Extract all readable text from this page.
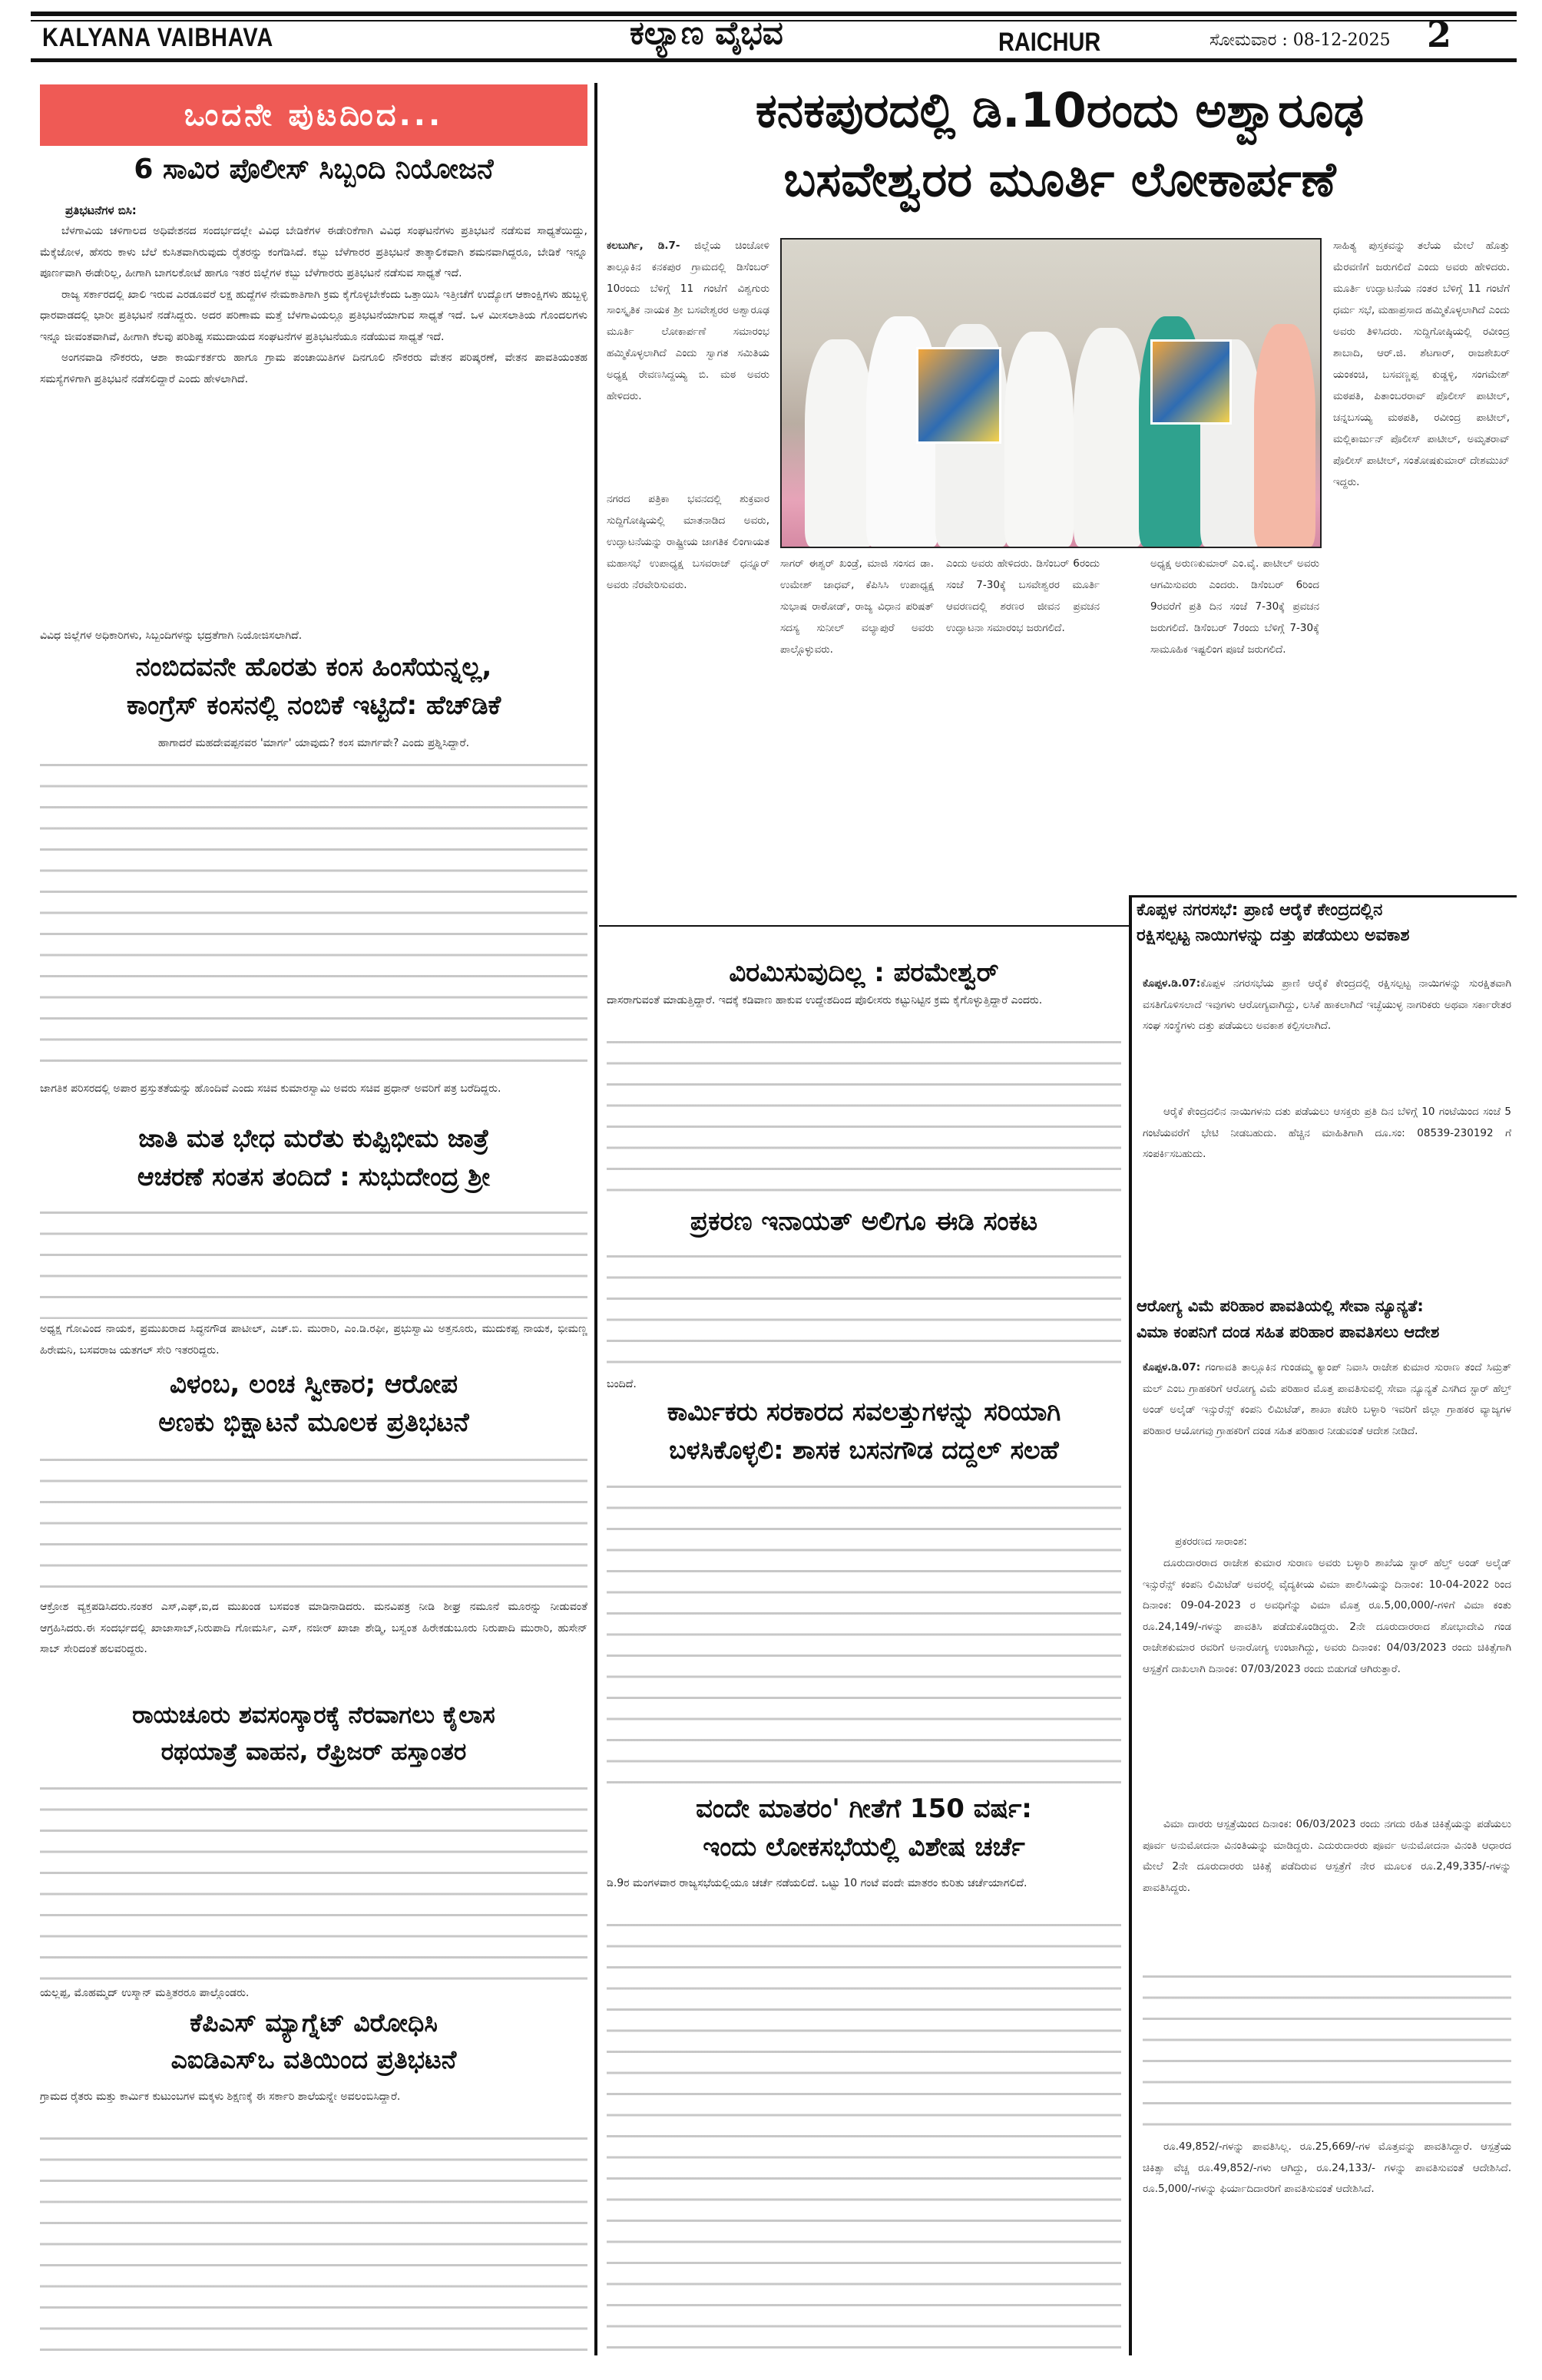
KALYANA VAIBHAVA	ಕಲ್ಯಾಣ ವೈಭವ	RAICHUR	ಸೋಮವಾರ : 08-12-2025 2
ಒಂದನೇ ಪುಟದಿಂದ...
6 ಸಾವಿರ ಪೊಲೀಸ್ ಸಿಬ್ಬಂದಿ ನಿಯೋಜನೆ
ಪ್ರತಿಭಟನೆಗಳ ಬಿಸಿ:

ಬೆಳಗಾವಿಯ ಚಳಿಗಾಲದ ಅಧಿವೇಶನದ ಸಂದರ್ಭದಲ್ಲೇ ವಿವಿಧ ಬೇಡಿಕೆಗಳ ಈಡೇರಿಕೆಗಾಗಿ ವಿವಿಧ ಸಂಘಟನೆಗಳು ಪ್ರತಿಭಟನೆ ನಡೆಸುವ ಸಾಧ್ಯತೆಯಿದ್ದು, ಮೆಕ್ಕೆಜೋಳ, ಹೆಸರು ಕಾಳು ಬೆಲೆ ಕುಸಿತವಾಗಿರುವುದು ರೈತರನ್ನು ಕಂಗೆಡಿಸಿದೆ. ಕಬ್ಬು ಬೆಳೆಗಾರರ ಪ್ರತಿಭಟನೆ ತಾತ್ಕಾಲಿಕವಾಗಿ ಶಮನವಾಗಿದ್ದರೂ, ಬೇಡಿಕೆ ಇನ್ನೂ ಪೂರ್ಣವಾಗಿ ಈಡೇರಿಲ್ಲ, ಹೀಗಾಗಿ ಬಾಗಲಕೋಟೆ ಹಾಗೂ ಇತರ ಜಿಲ್ಲೆಗಳ ಕಬ್ಬು ಬೆಳೆಗಾರರು ಪ್ರತಿಭಟನೆ ನಡೆಸುವ ಸಾಧ್ಯತೆ ಇದೆ.

ರಾಜ್ಯ ಸರ್ಕಾರದಲ್ಲಿ ಖಾಲಿ ಇರುವ ಎರಡೂವರೆ ಲಕ್ಷ ಹುದ್ದೆಗಳ ನೇಮಕಾತಿಗಾಗಿ ಕ್ರಮ ಕೈಗೊಳ್ಳಬೇಕೆಂದು ಒತ್ತಾಯಿಸಿ ಇತ್ತೀಚೆಗೆ ಉದ್ಯೋಗ ಆಕಾಂಕ್ಷಿಗಳು ಹುಬ್ಬಳ್ಳಿ ಧಾರವಾಡದಲ್ಲಿ ಭಾರೀ ಪ್ರತಿಭಟನೆ ನಡೆಸಿದ್ದರು. ಅದರ ಪರಿಣಾಮ ಮತ್ತೆ ಬೆಳಗಾವಿಯಲ್ಲೂ ಪ್ರತಿಭಟನೆಯಾಗುವ ಸಾಧ್ಯತೆ ಇದೆ. ಒಳ ಮೀಸಲಾತಿಯ ಗೊಂದಲಗಳು ಇನ್ನೂ ಜೀವಂತವಾಗಿವೆ, ಹೀಗಾಗಿ ಕೆಲವು ಪರಿಶಿಷ್ಟ ಸಮುದಾಯದ ಸಂಘಟನೆಗಳ ಪ್ರತಿಭಟನೆಯೂ ನಡೆಯುವ ಸಾಧ್ಯತೆ ಇದೆ.

ಅಂಗನವಾಡಿ ನೌಕರರು, ಆಶಾ ಕಾರ್ಯಕರ್ತರು ಹಾಗೂ ಗ್ರಾಮ ಪಂಚಾಯಿತಿಗಳ ದಿನಗೂಲಿ ನೌಕರರು ವೇತನ ಪರಿಷ್ಕರಣೆ, ವೇತನ ಪಾವತಿಯಂತಹ ಸಮಸ್ಯೆಗಳಿಗಾಗಿ ಪ್ರತಿಭಟನೆ ನಡೆಸಲಿದ್ದಾರೆ ಎಂದು ಹೇಳಲಾಗಿದೆ.

ವಿವಿಧ ಜಿಲ್ಲೆಗಳ ಅಧಿಕಾರಿಗಳು, ಸಿಬ್ಬಂದಿಗಳನ್ನು ಭದ್ರತೆಗಾಗಿ ನಿಯೋಜಿಸಲಾಗಿದೆ.
ನಂಬಿದವನೇ ಹೊರತು ಕಂಸ ಹಿಂಸೆಯನ್ನಲ್ಲ,
ಕಾಂಗ್ರೆಸ್ ಕಂಸನಲ್ಲಿ ನಂಬಿಕೆ ಇಟ್ಟಿದೆ: ಹೆಚ್‌ಡಿಕೆ
ಹಾಗಾದರೆ ಮಹದೇವಪ್ಪನವರ 'ಮಾರ್ಗ' ಯಾವುದು? ಕಂಸ ಮಾರ್ಗವೇ? ಎಂದು ಪ್ರಶ್ನಿಸಿದ್ದಾರೆ.
ಜಾಗತಿಕ ಪರಿಸರದಲ್ಲಿ ಅಪಾರ ಪ್ರಸ್ತುತತೆಯನ್ನು ಹೊಂದಿವೆ ಎಂದು ಸಚಿವ ಕುಮಾರಸ್ವಾಮಿ ಅವರು ಸಚಿವ ಪ್ರಧಾನ್ ಅವರಿಗೆ ಪತ್ರ ಬರೆದಿದ್ದರು.
ಜಾತಿ ಮತ ಭೇಧ ಮರೆತು ಕುಪ್ಪಿಭೀಮ ಜಾತ್ರೆ
ಆಚರಣೆ ಸಂತಸ ತಂದಿದೆ : ಸುಭುದೇಂದ್ರ ಶ್ರೀ
ಅಧ್ಯಕ್ಷ ಗೋವಿಂದ ನಾಯಕ, ಪ್ರಮುಖರಾದ ಸಿದ್ಧನಗೌಡ ಪಾಟೀಲ್, ಎಚ್.ಬಿ. ಮುರಾರಿ, ಎಂ.ಡಿ.ರಫೀ, ಪ್ರಭುಸ್ವಾಮಿ ಅತ್ತನೂರು, ಮುದುಕಪ್ಪ ನಾಯಕ, ಭೀಮಣ್ಣ ಹಿರೇಮನಿ, ಬಸವರಾಜ ಯತಗಲ್ ಸೇರಿ ಇತರರಿದ್ದರು.
ವಿಳಂಬ, ಲಂಚ ಸ್ವೀಕಾರ; ಆರೋಪ
ಅಣಕು ಭಿಕ್ಷಾಟನೆ ಮೂಲಕ ಪ್ರತಿಭಟನೆ
ಆಕ್ರೋಶ ವ್ಯಕ್ತಪಡಿಸಿದರು.ನಂತರ ಎಸ್,ಎಫ್,ಐ,ದ ಮುಖಂಡ ಬಸವಂತ ಮಾಡಿನಾಡಿದರು. ಮನವಿಪತ್ರ ನೀಡಿ ಶೀಘ್ರ ನಮೂನೆ ಮೂರನ್ನು ನೀಡುವಂತೆ ಆಗ್ರಹಿಸಿದರು.ಈ ಸಂದರ್ಭದಲ್ಲಿ ಖಾಜಾಸಾಬ್,ನಿರುಪಾದಿ ಗೋಮರ್ಸಿ, ಎಸ್, ನಜೀರ್ ಖಾಜಾ ಶೇಡ್ಮಿ, ಬಸ್ವಂತ ಹಿರೇಕಡುಬೂರು ನಿರುಪಾದಿ ಮುರಾರಿ, ಹುಸೇನ್ ಸಾಬ್ ಸೇರಿದಂತೆ ಹಲವರಿದ್ದರು.
ರಾಯಚೂರು ಶವಸಂಸ್ಕಾರಕ್ಕೆ ನೆರವಾಗಲು ಕೈಲಾಸ
ರಥಯಾತ್ರೆ ವಾಹನ, ರೆಫ್ರಿಜರ್ ಹಸ್ತಾಂತರ
ಯಲ್ಲಪ್ಪ, ಮೊಹಮ್ಮದ್ ಉಸ್ಮಾನ್ ಮತ್ತಿತರರೂ ಪಾಲ್ಗೊಂಡರು.
ಕೆಪಿಎಸ್ ಮ್ಯಾಗ್ನೆಟ್ ವಿರೋಧಿಸಿ
ಎಐಡಿಎಸ್‌ಒ ವತಿಯಿಂದ ಪ್ರತಿಭಟನೆ
ಗ್ರಾಮದ ರೈತರು ಮತ್ತು ಕಾರ್ಮಿಕ ಕುಟುಂಬಗಳ ಮಕ್ಕಳು ಶಿಕ್ಷಣಕ್ಕೆ ಈ ಸರ್ಕಾರಿ ಶಾಲೆಯನ್ನೇ ಅವಲಂಬಿಸಿದ್ದಾರೆ.
ಕನಕಪುರದಲ್ಲಿ ಡಿ.10ರಂದು ಅಶ್ವಾರೂಢ
ಬಸವೇಶ್ವರರ ಮೂರ್ತಿ ಲೋಕಾರ್ಪಣೆ
ಕಲಬುರ್ಗಿ, ಡಿ.7- ಜಿಲ್ಲೆಯ ಚಿಂಚೋಳಿ ತಾಲ್ಲೂಕಿನ ಕನಕಪುರ ಗ್ರಾಮದಲ್ಲಿ ಡಿಸೆಂಬರ್ 10ರಂದು ಬೆಳಿಗ್ಗೆ 11 ಗಂಟೆಗೆ ವಿಶ್ವಗುರು ಸಾಂಸ್ಕೃತಿಕ ನಾಯಕ ಶ್ರೀ ಬಸವೇಶ್ವರರ ಅಶ್ವಾರೂಢ ಮೂರ್ತಿ ಲೋಕಾರ್ಪಣೆ ಸಮಾರಂಭ ಹಮ್ಮಿಕೊಳ್ಳಲಾಗಿದೆ ಎಂದು ಸ್ವಾಗತ ಸಮಿತಿಯ ಅಧ್ಯಕ್ಷ ರೇವಣಸಿದ್ದಯ್ಯ ಬಿ. ಮಠ ಅವರು ಹೇಳಿದರು.
ನಗರದ ಪತ್ರಿಕಾ ಭವನದಲ್ಲಿ ಶುಕ್ರವಾರ ಸುದ್ದಿಗೋಷ್ಠಿಯಲ್ಲಿ ಮಾತನಾಡಿದ ಅವರು, ಉದ್ಘಾಟನೆಯನ್ನು ರಾಷ್ಟ್ರೀಯ ಜಾಗತಿಕ ಲಿಂಗಾಯತ ಮಹಾಸಭೆ ಉಪಾಧ್ಯಕ್ಷ ಬಸವರಾಜ್ ಧನ್ನೂರ್ ಅವರು ನೆರವೇರಿಸುವರು.
ಸಾಗರ್ ಈಶ್ವರ್ ಖಂಡ್ರೆ, ಮಾಜಿ ಸಂಸದ ಡಾ. ಉಮೇಶ್ ಜಾಧವ್, ಕೆಪಿಸಿಸಿ ಉಪಾಧ್ಯಕ್ಷ ಸುಭಾಷ ರಾಠೋಡ್, ರಾಜ್ಯ ವಿಧಾನ ಪರಿಷತ್ ಸದಸ್ಯ ಸುನೀಲ್ ವಲ್ಯಾಪುರೆ ಅವರು ಪಾಲ್ಗೊಳ್ಳುವರು.
ಎಂದು ಅವರು ಹೇಳಿದರು. ಡಿಸೆಂಬರ್ 6ರಂದು ಸಂಜೆ 7-30ಕ್ಕೆ ಬಸವೇಶ್ವರರ ಮೂರ್ತಿ ಆವರಣದಲ್ಲಿ ಶರಣರ ಜೀವನ ಪ್ರವಚನ ಉದ್ಘಾಟನಾ ಸಮಾರಂಭ ಜರುಗಲಿದೆ.
ಅಧ್ಯಕ್ಷ ಅರುಣಕುಮಾರ್ ಎಂ.ವೈ. ಪಾಟೀಲ್ ಅವರು ಆಗಮಿಸುವರು ಎಂದರು. ಡಿಸೆಂಬರ್ 6ರಿಂದ 9ರವರೆಗೆ ಪ್ರತಿ ದಿನ ಸಂಜೆ 7-30ಕ್ಕೆ ಪ್ರವಚನ ಜರುಗಲಿದೆ. ಡಿಸೆಂಬರ್ 7ರಂದು ಬೆಳಿಗ್ಗೆ 7-30ಕ್ಕೆ ಸಾಮೂಹಿಕ ಇಷ್ಟಲಿಂಗ ಪೂಜೆ ಜರುಗಲಿದೆ.
ಸಾಹಿತ್ಯ ಪುಸ್ತಕವನ್ನು ತಲೆಯ ಮೇಲೆ ಹೊತ್ತು ಮೆರವಣಿಗೆ ಜರುಗಲಿದೆ ಎಂದು ಅವರು ಹೇಳಿದರು. ಮೂರ್ತಿ ಉದ್ಘಾಟನೆಯ ನಂತರ ಬೆಳಿಗ್ಗೆ 11 ಗಂಟೆಗೆ ಧರ್ಮ ಸಭೆ, ಮಹಾಪ್ರಸಾದ ಹಮ್ಮಿಕೊಳ್ಳಲಾಗಿದೆ ಎಂದು ಅವರು ತಿಳಿಸಿದರು. ಸುದ್ದಿಗೋಷ್ಠಿಯಲ್ಲಿ ರವೀಂದ್ರ ಶಾಬಾದಿ, ಆರ್.ಜಿ. ಶೆಟಗಾರ್, ರಾಜಶೇಖರ್ ಯಂಕಂಚಿ, ಬಸವಣ್ಣಪ್ಪ ಕುಡ್ಡಳ್ಳಿ, ಸಂಗಮೇಶ್ ಮಠಪತಿ, ಪಿತಾಂಬರರಾವ್ ಪೊಲೀಸ್ ಪಾಟೀಲ್, ಚನ್ನಬಸಯ್ಯ ಮಠಪತಿ, ರವೀಂದ್ರ ಪಾಟೀಲ್, ಮಲ್ಲಿಕಾರ್ಜುನ್ ಪೊಲೀಸ್ ಪಾಟೀಲ್, ಅಮೃತರಾವ್ ಪೊಲೀಸ್ ಪಾಟೀಲ್, ಸಂತೋಷಕುಮಾರ್ ದೇಶಮುಖ್ ಇದ್ದರು.
ವಿರಮಿಸುವುದಿಲ್ಲ : ಪರಮೇಶ್ವರ್
ದಾಸರಾಗುವಂತೆ ಮಾಡುತ್ತಿದ್ದಾರೆ. ಇದಕ್ಕೆ ಕಡಿವಾಣ ಹಾಕುವ ಉದ್ದೇಶದಿಂದ ಪೊಲೀಸರು ಕಟ್ಟುನಿಟ್ಟಿನ ಕ್ರಮ ಕೈಗೊಳ್ಳುತ್ತಿದ್ದಾರೆ ಎಂದರು.
ಪ್ರಕರಣ ಇನಾಯತ್ ಅಲಿಗೂ ಈಡಿ ಸಂಕಟ
ಬಂದಿದೆ.
ಕಾರ್ಮಿಕರು ಸರಕಾರದ ಸವಲತ್ತುಗಳನ್ನು ಸರಿಯಾಗಿ
ಬಳಸಿಕೊಳ್ಳಲಿ: ಶಾಸಕ ಬಸನಗೌಡ ದದ್ದಲ್ ಸಲಹೆ
ವಂದೇ ಮಾತರಂ' ಗೀತೆಗೆ 150 ವರ್ಷ:
ಇಂದು ಲೋಕಸಭೆಯಲ್ಲಿ ವಿಶೇಷ ಚರ್ಚೆ
ಡಿ.9ರ ಮಂಗಳವಾರ ರಾಜ್ಯಸಭೆಯಲ್ಲಿಯೂ ಚರ್ಚೆ ನಡೆಯಲಿದೆ. ಒಟ್ಟು 10 ಗಂಟೆ ವಂದೇ ಮಾತರಂ ಕುರಿತು ಚರ್ಚೆಯಾಗಲಿದೆ.
ಕೊಪ್ಪಳ ನಗರಸಭೆ: ಪ್ರಾಣಿ ಆರೈಕೆ ಕೇಂದ್ರದಲ್ಲಿನ
ರಕ್ಷಿಸಲ್ಪಟ್ಟ ನಾಯಿಗಳನ್ನು ದತ್ತು ಪಡೆಯಲು ಅವಕಾಶ
ಕೊಪ್ಪಳ.ಡಿ.07:ಕೊಪ್ಪಳ ನಗರಸಭೆಯ ಪ್ರಾಣಿ ಆರೈಕೆ ಕೇಂದ್ರದಲ್ಲಿ ರಕ್ಷಿಸಲ್ಪಟ್ಟ ನಾಯಿಗಳನ್ನು ಸುರಕ್ಷಿತವಾಗಿ ವಸತಿಗೊಳಿಸಲಾದೆ ಇವುಗಳು ಆರೋಗ್ಯವಾಗಿದ್ದು, ಲಸಿಕೆ ಹಾಕಲಾಗಿದೆ ಇಚ್ಛೆಯುಳ್ಳ ನಾಗರಿಕರು ಅಥವಾ ಸರ್ಕಾರೇತರ ಸಂಘ ಸಂಸ್ಥೆಗಳು ದತ್ತು ಪಡೆಯಲು ಅವಕಾಶ ಕಲ್ಪಿಸಲಾಗಿದೆ.

ಆರೈಕೆ ಕೇಂದ್ರದಲಿನ ನಾಯಿಗಳನು ದತು ಪಡೆಯಲು ಆಸಕ್ತರು ಪ್ರತಿ ದಿನ ಬೆಳಿಗ್ಗೆ 10 ಗಂಟೆಯಿಂದ ಸಂಜೆ 5 ಗಂಟೆಯವರೆಗೆ ಭೇಟಿ ನೀಡಬಹುದು. ಹೆಚ್ಚಿನ ಮಾಹಿತಿಗಾಗಿ ದೂ.ಸಂ: 08539-230192 ಗೆ ಸಂಪರ್ಕಿಸಬಹುದು.

ಆರೋಗ್ಯ ವಿಮೆ ಪರಿಹಾರ ಪಾವತಿಯಲ್ಲಿ ಸೇವಾ ನ್ಯೂನ್ಯತೆ:
ವಿಮಾ ಕಂಪನಿಗೆ ದಂಡ ಸಹಿತ ಪರಿಹಾರ ಪಾವತಿಸಲು ಆದೇಶ
ಕೊಪ್ಪಳ.ಡಿ.07: ಗಂಗಾವತಿ ತಾಲ್ಲೂಕಿನ ಗುಂಡಮ್ಮ ಕ್ಯಾಂಪ್ ನಿವಾಸಿ ರಾಜೇಶ ಕುಮಾರ ಸುರಾಣ ತಂದೆ ಸಿಮ್ರತ್ ಮಲ್ ಎಂಬ ಗ್ರಾಹಕರಿಗೆ ಆರೋಗ್ಯ ವಿಮೆ ಪರಿಹಾರ ಮೊತ್ತ ಪಾವತಿಸುವಲ್ಲಿ ಸೇವಾ ನ್ಯೂನ್ಯತೆ ಎಸಗಿದ ಸ್ಟಾರ್ ಹೆಲ್ತ್ ಅಂಡ್ ಅಲೈಡ್ ಇನ್ಸುರೆನ್ಸ್ ಕಂಪನಿ ಲಿಮಿಟೆಡ್, ಶಾಖಾ ಕಚೇರಿ ಬಳ್ಳಾರಿ ಇವರಿಗೆ ಜಿಲ್ಲಾ ಗ್ರಾಹಕರ ವ್ಯಾಜ್ಯಗಳ ಪರಿಹಾರ ಆಯೋಗವು ಗ್ರಾಹಕರಿಗೆ ದಂಡ ಸಹಿತ ಪರಿಹಾರ ನೀಡುವಂತೆ ಆದೇಶ ನೀಡಿದೆ.
ಪ್ರಕರರಣದ ಸಾರಾಂಶ:

ದೂರುದಾರರಾದ ರಾಜೇಶ ಕುಮಾರ ಸುರಾಣ ಅವರು ಬಳ್ಳಾರಿ ಶಾಖೆಯ ಸ್ಟಾರ್ ಹೆಲ್ತ್ ಅಂಡ್ ಅಲೈಡ್ ಇನ್ಸುರೆನ್ಸ್ ಕಂಪನಿ ಲಿಮಿಟೆಡ್ ಅವರಲ್ಲಿ ವೈದ್ಯಕೀಯ ವಿಮಾ ಪಾಲಿಸಿಯನ್ನು ದಿನಾಂಕ: 10-04-2022 ರಿಂದ ದಿನಾಂಕ: 09-04-2023 ರ ಅವಧಿಗೆನ್ನು ವಿಮಾ ಮೊತ್ತ ರೂ.5,00,000/-ಗಳಿಗೆ ವಿಮಾ ಕಂತು ರೂ.24,149/-ಗಳನ್ನು ಪಾವತಿಸಿ ಪಡೆದುಕೊಂಡಿದ್ದರು. 2ನೇ ದೂರುದಾರರಾದ ಶೋಭಾದೇವಿ ಗಂಡ ರಾಜೇಶಕುಮಾರ ರವರಿಗೆ ಅನಾರೋಗ್ಯ ಉಂಟಾಗಿದ್ದು, ಅವರು ದಿನಾಂಕ: 04/03/2023 ರಂದು ಚಿಕಿತ್ಸೆಗಾಗಿ ಆಸ್ಪತ್ರೆಗೆ ದಾಖಲಾಗಿ ದಿನಾಂಕ: 07/03/2023 ರಂದು ಬಿಡುಗಡೆ ಆಗಿರುತ್ತಾರೆ.

ವಿಮಾ ದಾರರು ಆಸ್ಪತ್ರೆಯಿಂದ ದಿನಾಂಕ: 06/03/2023 ರಂದು ನಗದು ರಹಿತ ಚಿಕಿತ್ಸೆಯನ್ನು ಪಡೆಯಲು ಪೂರ್ವ ಅನುಮೋದನಾ ವಿನಂತಿಯನ್ನು ಮಾಡಿದ್ದರು. ಎದುರುದಾರರು ಪೂರ್ವ ಅನುಮೋದನಾ ವಿನಂತಿ ಆಧಾರದ ಮೇಲೆ 2ನೇ ದೂರುದಾರರು ಚಿಕಿತ್ಸೆ ಪಡೆದಿರುವ ಆಸ್ಪತ್ರೆಗೆ ನೇರ ಮೂಲಕ ರೂ.2,49,335/-ಗಳನ್ನು ಪಾವತಿಸಿದ್ದರು.

ರೂ.49,852/-ಗಳನ್ನು ಪಾವತಿಸಿಲ್ಲ. ರೂ.25,669/-ಗಳ ಮೊತ್ತವನ್ನು ಪಾವತಿಸಿದ್ದಾರೆ. ಆಸ್ಪತ್ರೆಯ ಚಿಕಿತ್ಸಾ ವೆಚ್ಚ ರೂ.49,852/-ಗಳು ಆಗಿದ್ದು, ರೂ.24,133/- ಗಳನ್ನು ಪಾವತಿಸುವಂತೆ ಆದೇಶಿಸಿದೆ. ರೂ.5,000/-ಗಳನ್ನು ಫಿರ್ಯಾದಿದಾರರಿಗೆ ಪಾವತಿಸುವಂತೆ ಆದೇಶಿಸಿದೆ.
